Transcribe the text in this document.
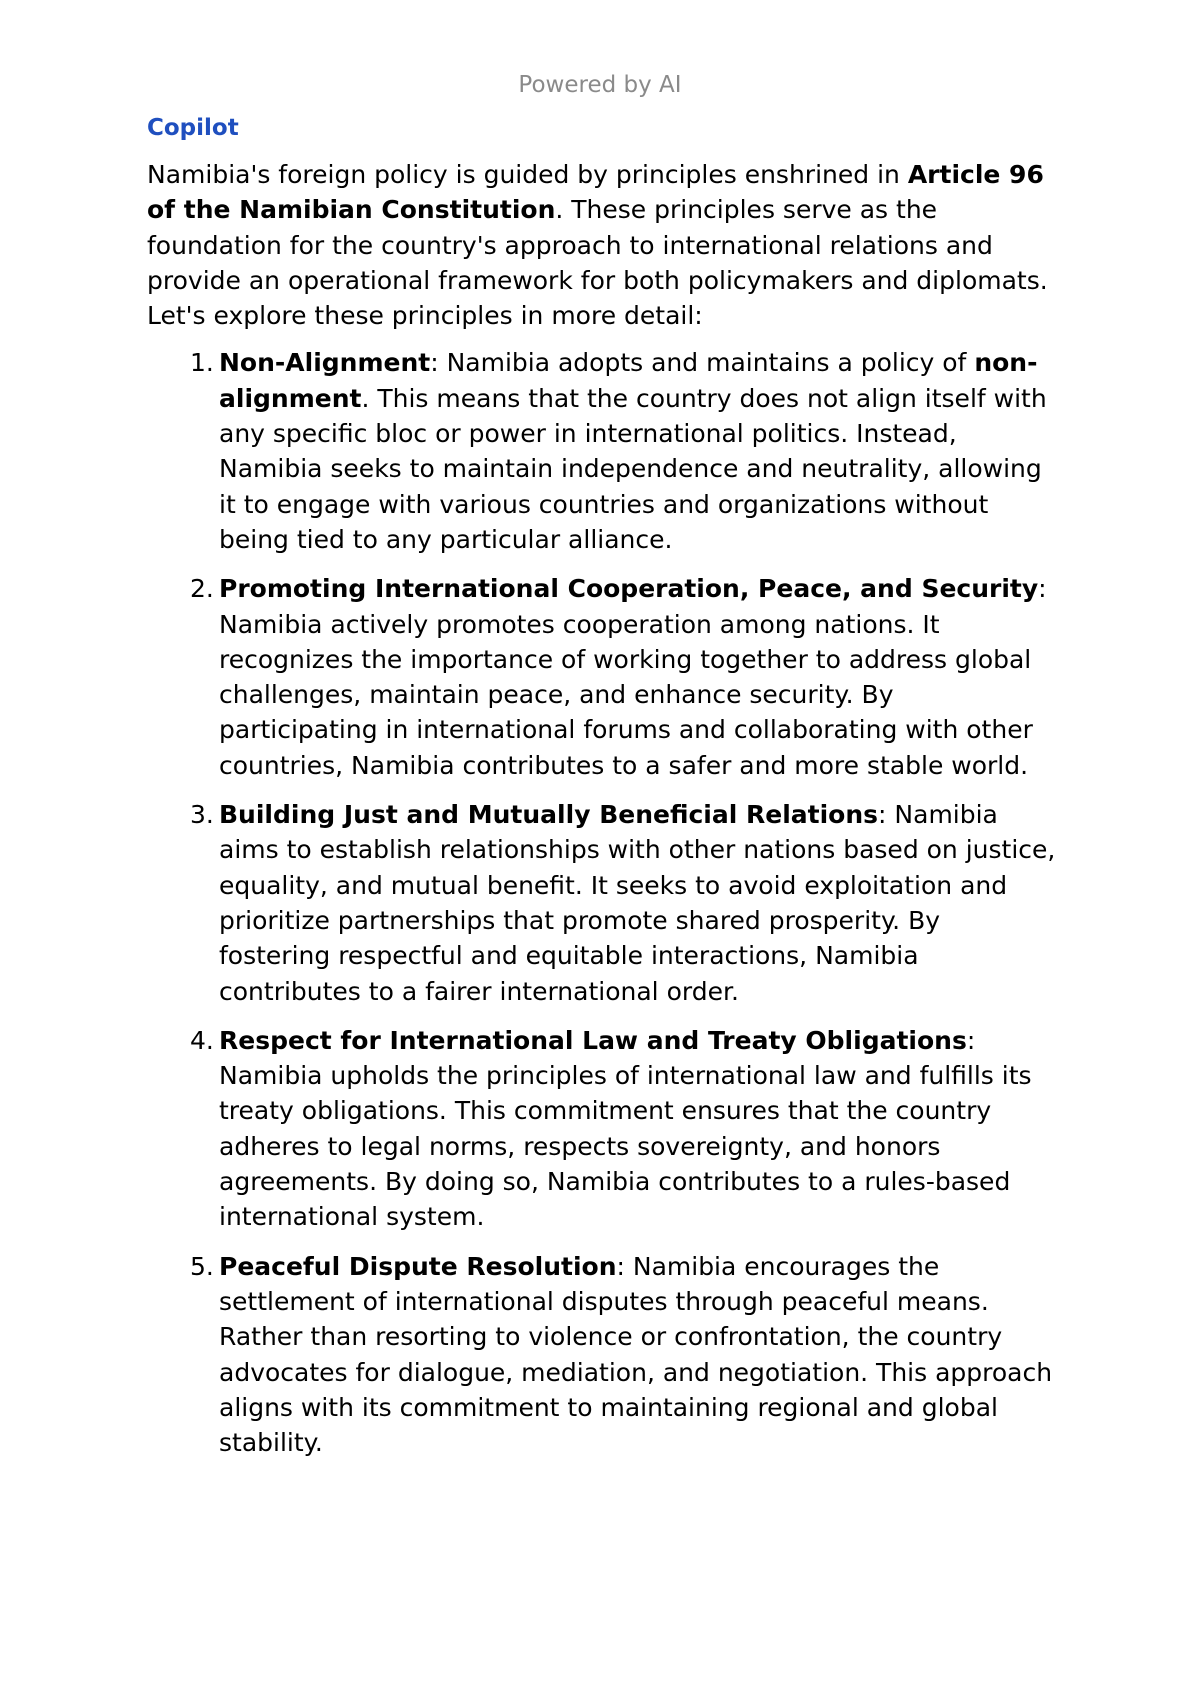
Powered by AI
Copilot

Namibia's foreign policy is guided by principles enshrined in Article 96 of the Namibian Constitution. These principles serve as the foundation for the country's approach to international relations and provide an operational framework for both policymakers and diplomats. Let's explore these principles in more detail:

1. Non-Alignment: Namibia adopts and maintains a policy of non-alignment. This means that the country does not align itself with any specific bloc or power in international politics. Instead, Namibia seeks to maintain independence and neutrality, allowing it to engage with various countries and organizations without being tied to any particular alliance.
2. Promoting International Cooperation, Peace, and Security: Namibia actively promotes cooperation among nations. It recognizes the importance of working together to address global challenges, maintain peace, and enhance security. By participating in international forums and collaborating with other countries, Namibia contributes to a safer and more stable world.
3. Building Just and Mutually Beneficial Relations: Namibia aims to establish relationships with other nations based on justice, equality, and mutual benefit. It seeks to avoid exploitation and prioritize partnerships that promote shared prosperity. By fostering respectful and equitable interactions, Namibia contributes to a fairer international order.
4. Respect for International Law and Treaty Obligations: Namibia upholds the principles of international law and fulfills its treaty obligations. This commitment ensures that the country adheres to legal norms, respects sovereignty, and honors agreements. By doing so, Namibia contributes to a rules-based international system.
5. Peaceful Dispute Resolution: Namibia encourages the settlement of international disputes through peaceful means. Rather than resorting to violence or confrontation, the country advocates for dialogue, mediation, and negotiation. This approach aligns with its commitment to maintaining regional and global stability.
